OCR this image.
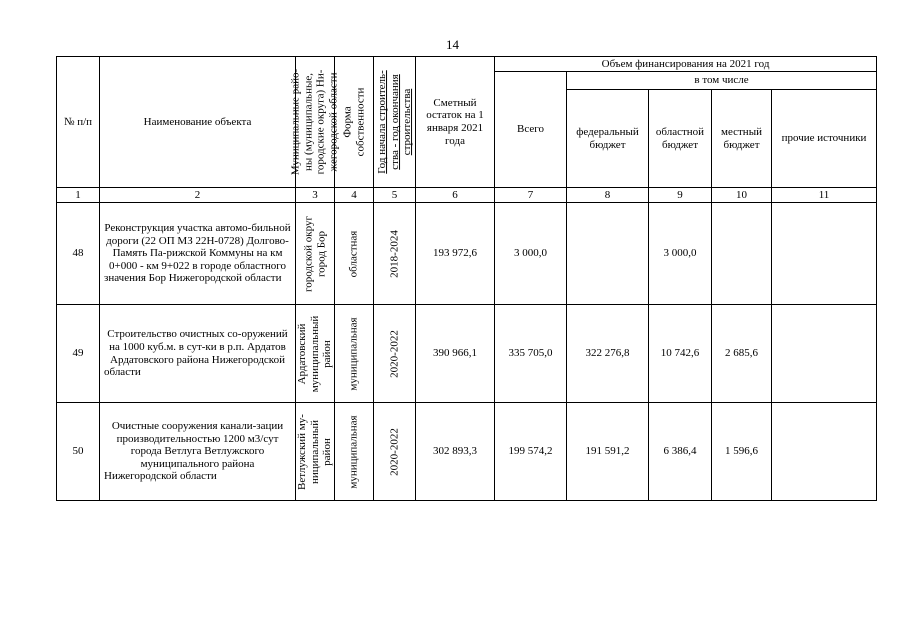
14
№ п/п	Наименование объекта	Муниципальные райо-
ны (муниципальные,
городские округа) Ни-
жегородской области	Форма
собственности	Год начала строитель-
ства - год окончания
строительства	Сметный остаток на 1 января 2021 года	Объем финансирования на 2021 год				
						Всего	в том числе			
							федеральный бюджет	областной бюджет	местный бюджет	прочие источники
1	2	3	4	5	6	7	8	9	10	11
48	Реконструкция участка автомо-бильной дороги (22 ОП МЗ 22Н-0728) Долгово-Память Па-рижской Коммуны на км 0+000 - км 9+022 в городе областного значения Бор Нижегородской области	городской округ
город Бор	областная	2018-2024	193 972,6	3 000,0		3 000,0		
49	Строительство очистных со-оружений на 1000 куб.м. в сут-ки в р.п. Ардатов Ардатовского района Нижегородской области	Ардатовский
муниципальный
район	муниципальная	2020-2022	390 966,1	335 705,0	322 276,8	10 742,6	2 685,6	
50	Очистные сооружения канали-зации производительностью 1200 м3/сут города Ветлуга Ветлужского муниципального района Нижегородской области	Ветлужский му-
ниципальный
район	муниципальная	2020-2022	302 893,3	199 574,2	191 591,2	6 386,4	1 596,6	
